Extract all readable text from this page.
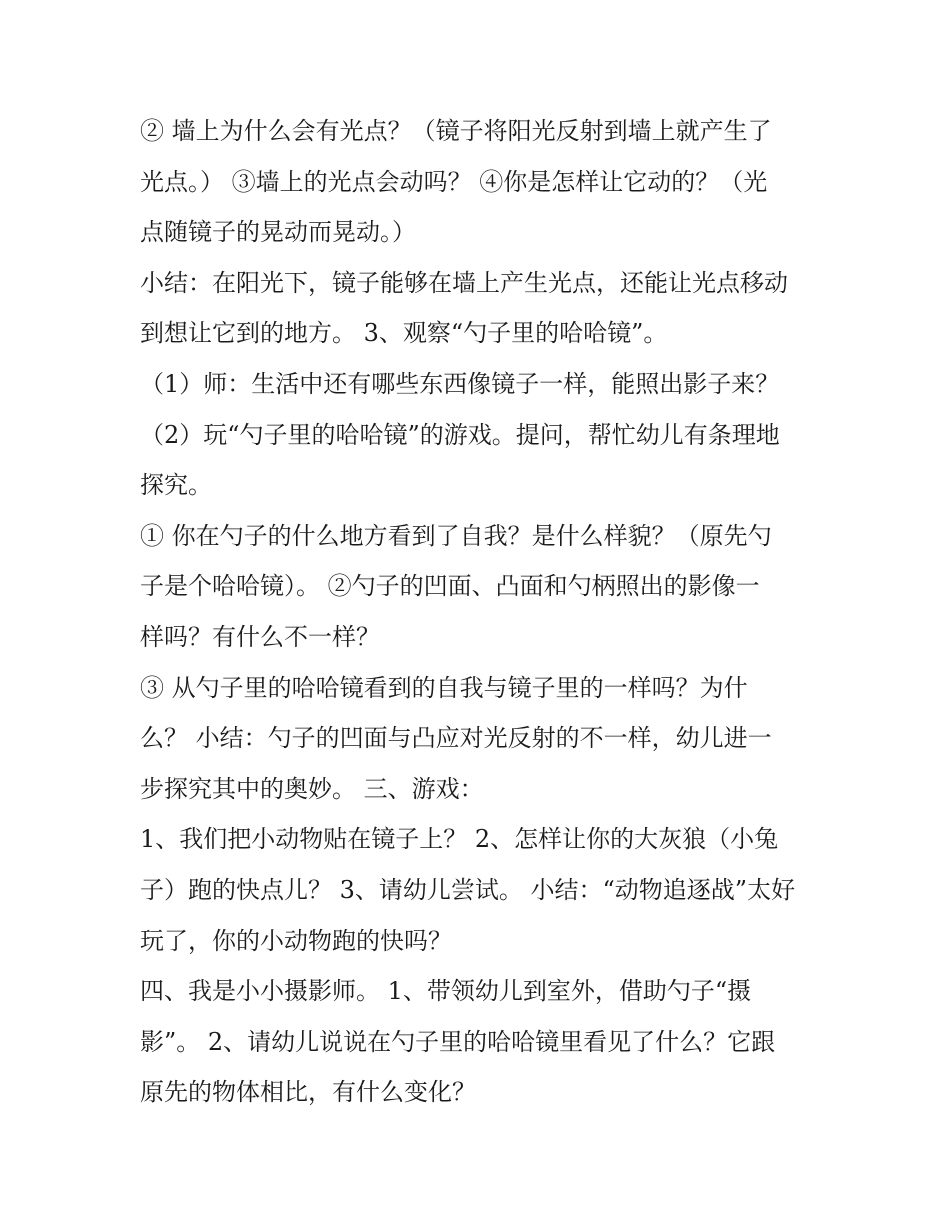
② 墙上为什么会有光点？（镜子将阳光反射到墙上就产生了
光点。） ③墙上的光点会动吗？ ④你是怎样让它动的？（光
点随镜子的晃动而晃动。）
小结：在阳光下，镜子能够在墙上产生光点，还能让光点移动
到想让它到的地方。 3、观察“勺子里的哈哈镜”。
（1）师：生活中还有哪些东西像镜子一样，能照出影子来？
（2）玩“勺子里的哈哈镜”的游戏。提问，帮忙幼儿有条理地
探究。
① 你在勺子的什么地方看到了自我？是什么样貌？（原先勺
子是个哈哈镜）。 ②勺子的凹面、凸面和勺柄照出的影像一
样吗？有什么不一样？
③ 从勺子里的哈哈镜看到的自我与镜子里的一样吗？为什
么？ 小结：勺子的凹面与凸应对光反射的不一样，幼儿进一
步探究其中的奥妙。 三、游戏：
1、我们把小动物贴在镜子上？ 2、怎样让你的大灰狼（小兔
子）跑的快点儿？ 3、请幼儿尝试。 小结：“动物追逐战”太好
玩了，你的小动物跑的快吗？
四、我是小小摄影师。 1、带领幼儿到室外，借助勺子“摄
影”。 2、请幼儿说说在勺子里的哈哈镜里看见了什么？它跟
原先的物体相比，有什么变化？
